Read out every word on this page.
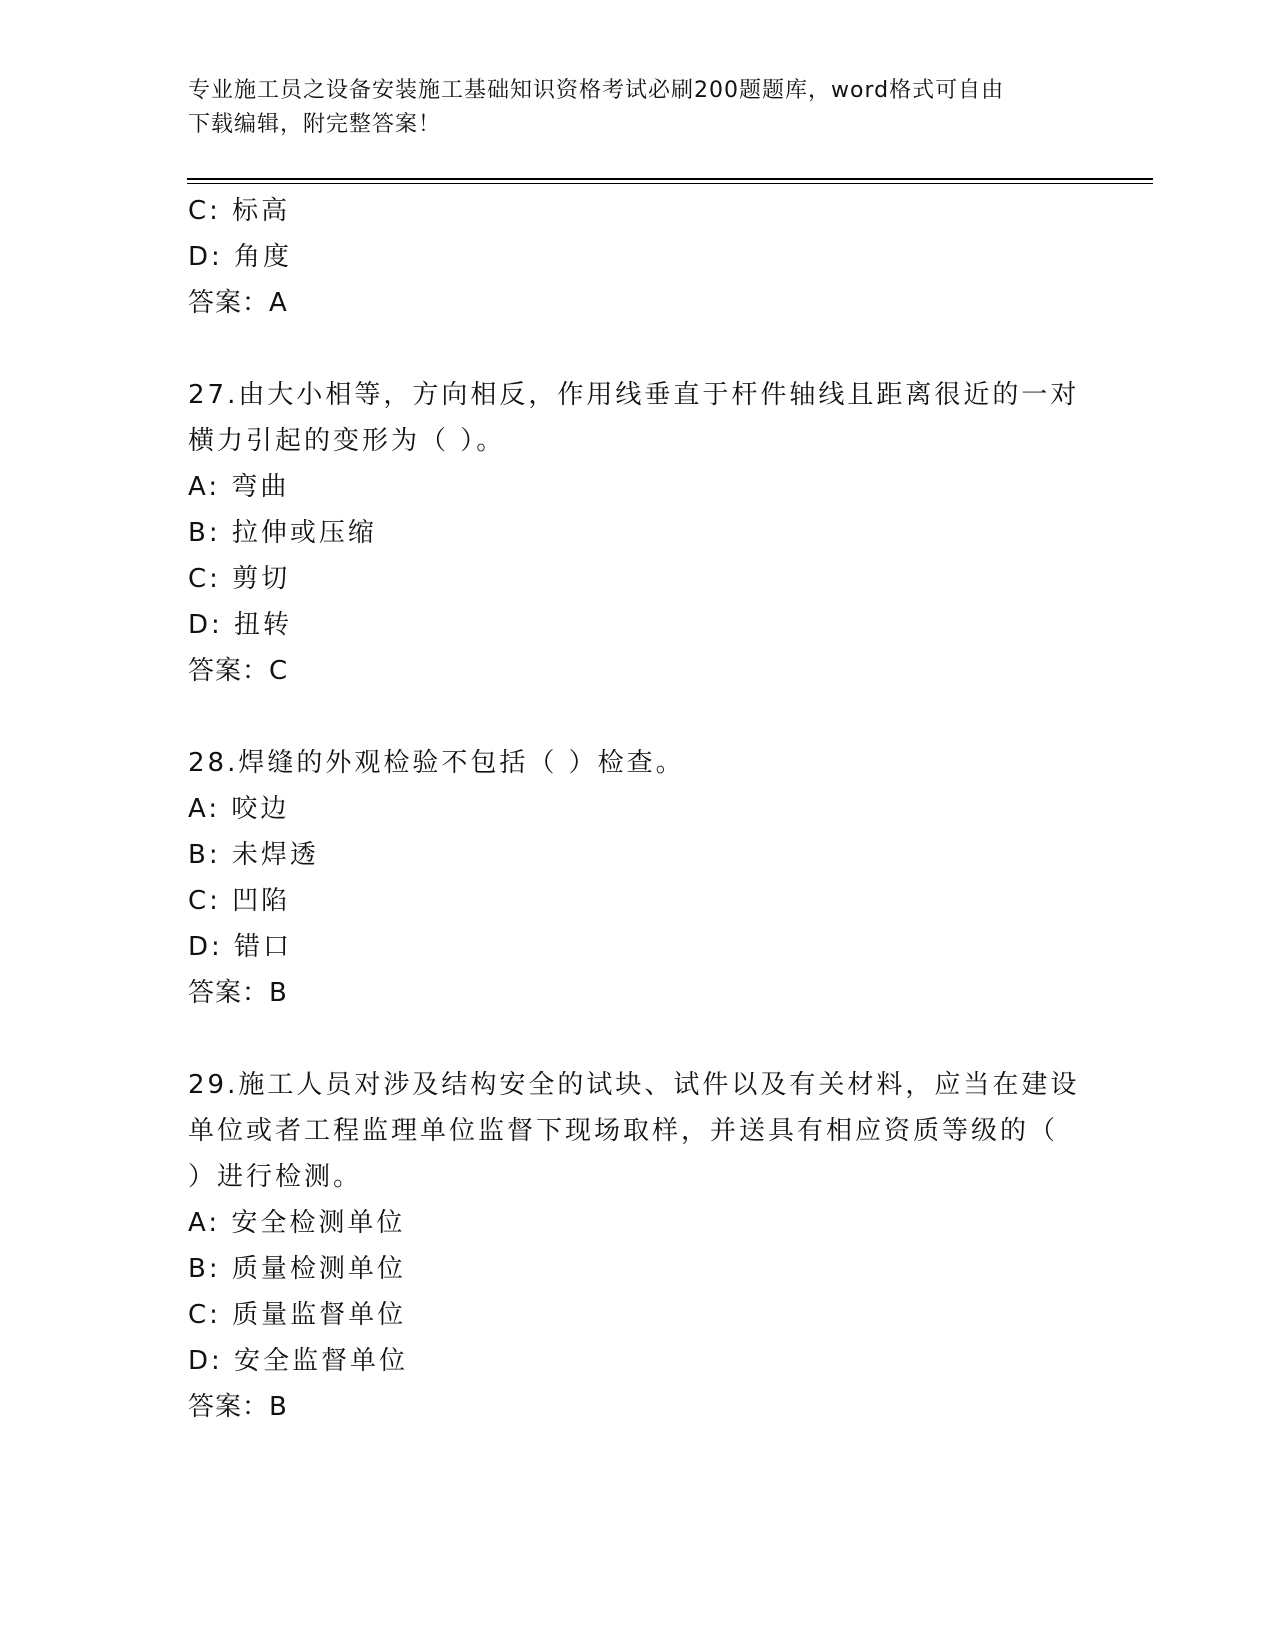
专业施工员之设备安装施工基础知识资格考试必刷200题题库，word格式可自由
下载编辑，附完整答案！
C: 标高
D: 角度
答案：A
27.由大小相等，方向相反，作用线垂直于杆件轴线且距离很近的一对
横力引起的变形为（ ）。
A: 弯曲
B: 拉伸或压缩
C: 剪切
D: 扭转
答案：C
28.焊缝的外观检验不包括（ ）检查。
A: 咬边
B: 未焊透
C: 凹陷
D: 错口
答案：B
29.施工人员对涉及结构安全的试块、试件以及有关材料，应当在建设
单位或者工程监理单位监督下现场取样，并送具有相应资质等级的（
）进行检测。
A: 安全检测单位
B: 质量检测单位
C: 质量监督单位
D: 安全监督单位
答案：B
